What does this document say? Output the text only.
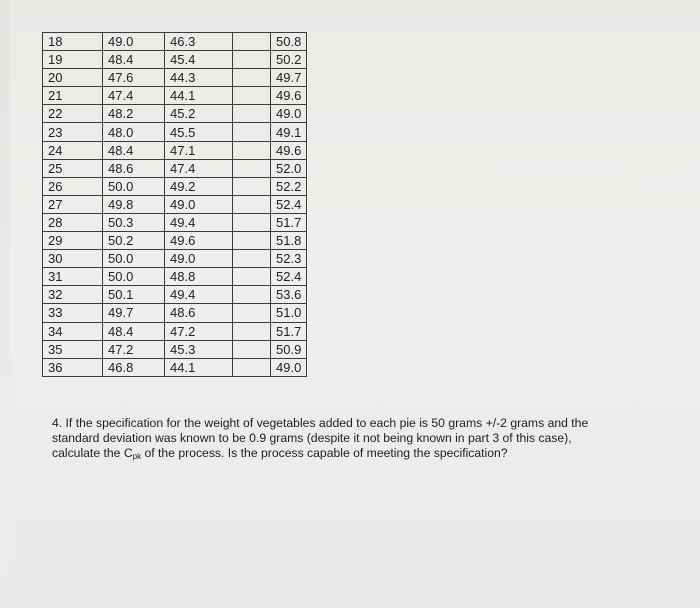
18	49.0	46.3		50.8
19	48.4	45.4		50.2
20	47.6	44.3		49.7
21	47.4	44.1		49.6
22	48.2	45.2		49.0
23	48.0	45.5		49.1
24	48.4	47.1		49.6
25	48.6	47.4		52.0
26	50.0	49.2		52.2
27	49.8	49.0		52.4
28	50.3	49.4		51.7
29	50.2	49.6		51.8
30	50.0	49.0		52.3
31	50.0	48.8		52.4
32	50.1	49.4		53.6
33	49.7	48.6		51.0
34	48.4	47.2		51.7
35	47.2	45.3		50.9
36	46.8	44.1		49.0

4. If the specification for the weight of vegetables added to each pie is 50 grams +/-2 grams and the

standard deviation was known to be 0.9 grams (despite it not being known in part 3 of this case),

calculate the $C_{pk}$ of the process. Is the process capable of meeting the specification?
